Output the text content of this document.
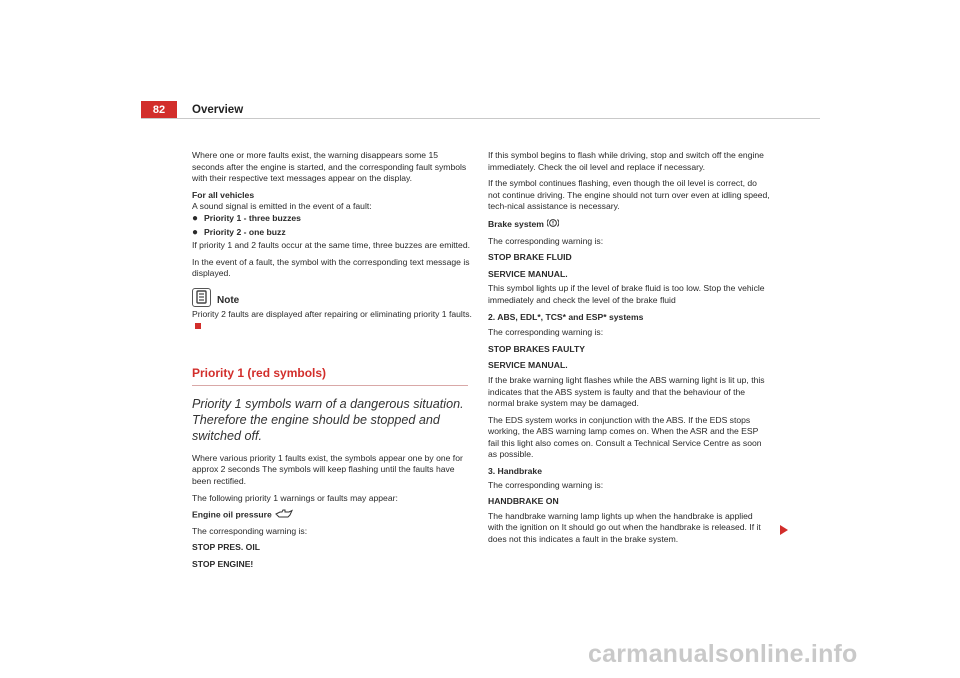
82 Overview

Where one or more faults exist, the warning disappears some 15 seconds after the engine is started, and the corresponding fault symbols with their respective text messages appear on the display.

For all vehicles

A sound signal is emitted in the event of a fault:

● Priority 1 - three buzzes
● Priority 2 - one buzz

If priority 1 and 2 faults occur at the same time, three buzzes are emitted.

In the event of a fault, the symbol with the corresponding text message is displayed.

Note

Priority 2 faults are displayed after repairing or eliminating priority 1 faults.

Priority 1 (red symbols)
Priority 1 symbols warn of a dangerous situation. Therefore the engine should be stopped and switched off.

Where various priority 1 faults exist, the symbols appear one by one for approx 2 seconds The symbols will keep flashing until the faults have been rectified.

The following priority 1 warnings or faults may appear:

Engine oil pressure

The corresponding warning is:

STOP PRES. OIL

STOP ENGINE!

If this symbol begins to flash while driving, stop and switch off the engine immediately. Check the oil level and replace if necessary.

If the symbol continues flashing, even though the oil level is correct, do not continue driving. The engine should not turn over even at idling speed, tech-nical assistance is necessary.

Brake system

The corresponding warning is:

STOP BRAKE FLUID

SERVICE MANUAL.

This symbol lights up if the level of brake fluid is too low. Stop the vehicle immediately and check the level of the brake fluid

2. ABS, EDL*, TCS* and ESP* systems

The corresponding warning is:

STOP BRAKES FAULTY

SERVICE MANUAL.

If the brake warning light flashes while the ABS warning light is lit up, this indicates that the ABS system is faulty and that the behaviour of the normal brake system may be damaged.

The EDS system works in conjunction with the ABS. If the EDS stops working, the ABS warning lamp comes on. When the ASR and the ESP fail this light also comes on. Consult a Technical Service Centre as soon as possible.

3. Handbrake

The corresponding warning is:

HANDBRAKE ON

The handbrake warning lamp lights up when the handbrake is applied with the ignition on It should go out when the handbrake is released. If it does not this indicates a fault in the brake system.

carmanualsonline.info
